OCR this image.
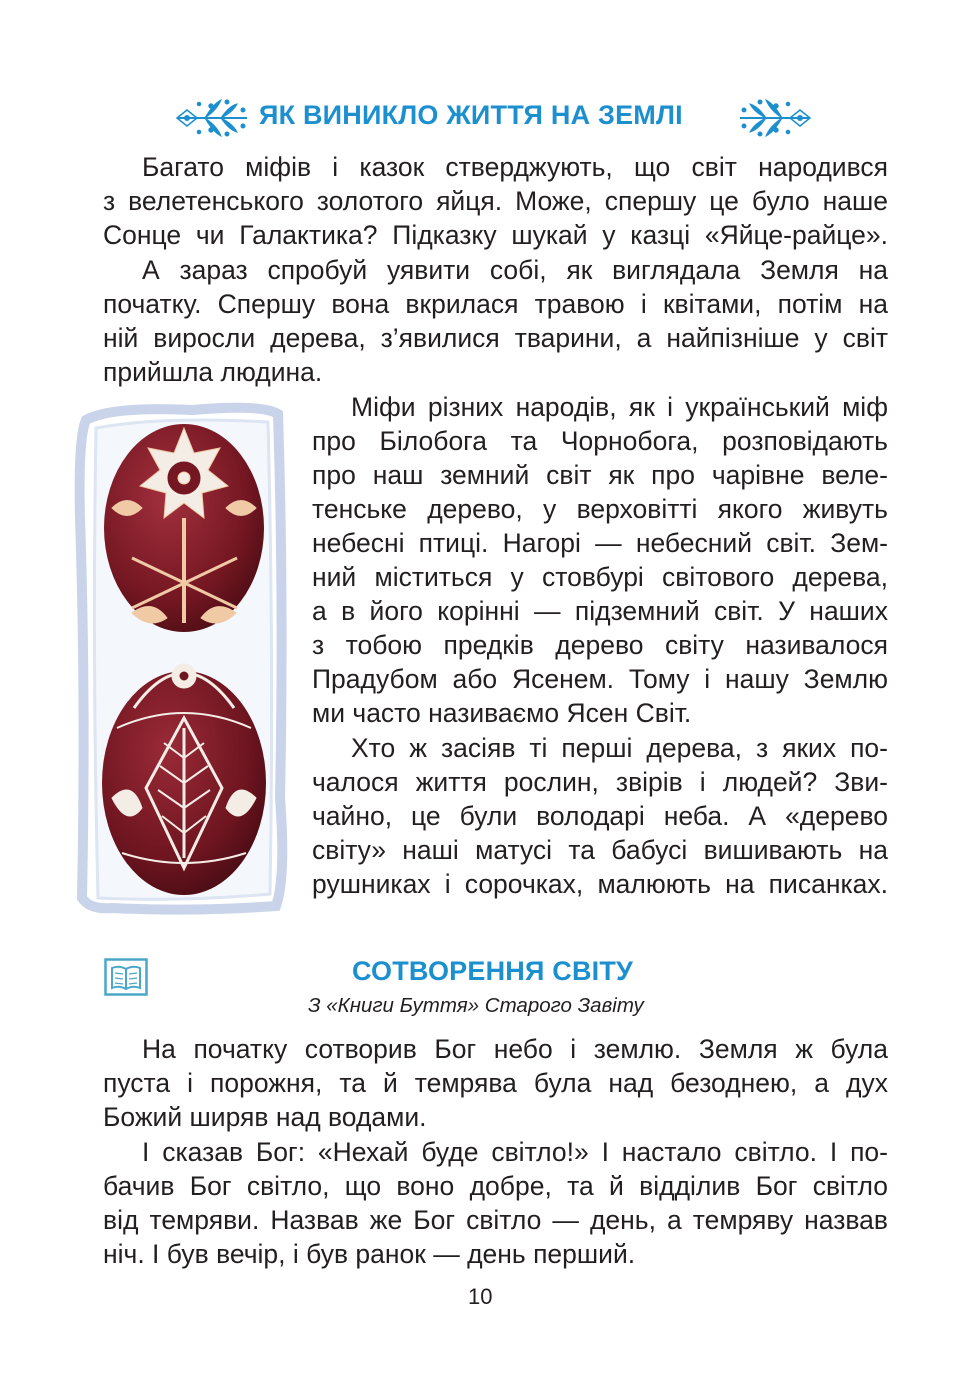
ЯК ВИНИКЛО ЖИТТЯ НА ЗЕМЛІ
Багато міфів і казок стверджують, що світ народився
з велетенського золотого яйця. Може, спершу це було наше
Сонце чи Галактика? Підказку шукай у казці «Яйце-райце».
А зараз спробуй уявити собі, як виглядала Земля на
початку. Спершу вона вкрилася травою і квітами, потім на
ній виросли дерева, з’явилися тварини, а найпізніше у світ
прийшла людина.
Міфи різних народів, як і український міф
про Білобога та Чорнобога, розповідають
про наш земний світ як про чарівне веле-
тенське дерево, у верховітті якого живуть
небесні птиці. Нагорі — небесний світ. Зем-
ний міститься у стовбурі світового дерева,
а в його корінні — підземний світ. У наших
з тобою предків дерево світу називалося
Прадубом або Ясенем. Тому і нашу Землю
ми часто називаємо Ясен Світ.
Хто ж засіяв ті перші дерева, з яких по-
чалося життя рослин, звірів і людей? Зви-
чайно, це були володарі неба. А «дерево
світу» наші матусі та бабусі вишивають на
рушниках і сорочках, малюють на писанках.
СОТВОРЕННЯ СВІТУ
З «Книги Буття» Старого Завіту
На початку сотворив Бог небо і землю. Земля ж була
пуста і порожня, та й темрява була над безоднею, а дух
Божий ширяв над водами.
І сказав Бог: «Нехай буде світло!» І настало світло. І по-
бачив Бог світло, що воно добре, та й відділив Бог світло
від темряви. Назвав же Бог світло — день, а темряву назвав
ніч. І був вечір, і був ранок — день перший.
10
